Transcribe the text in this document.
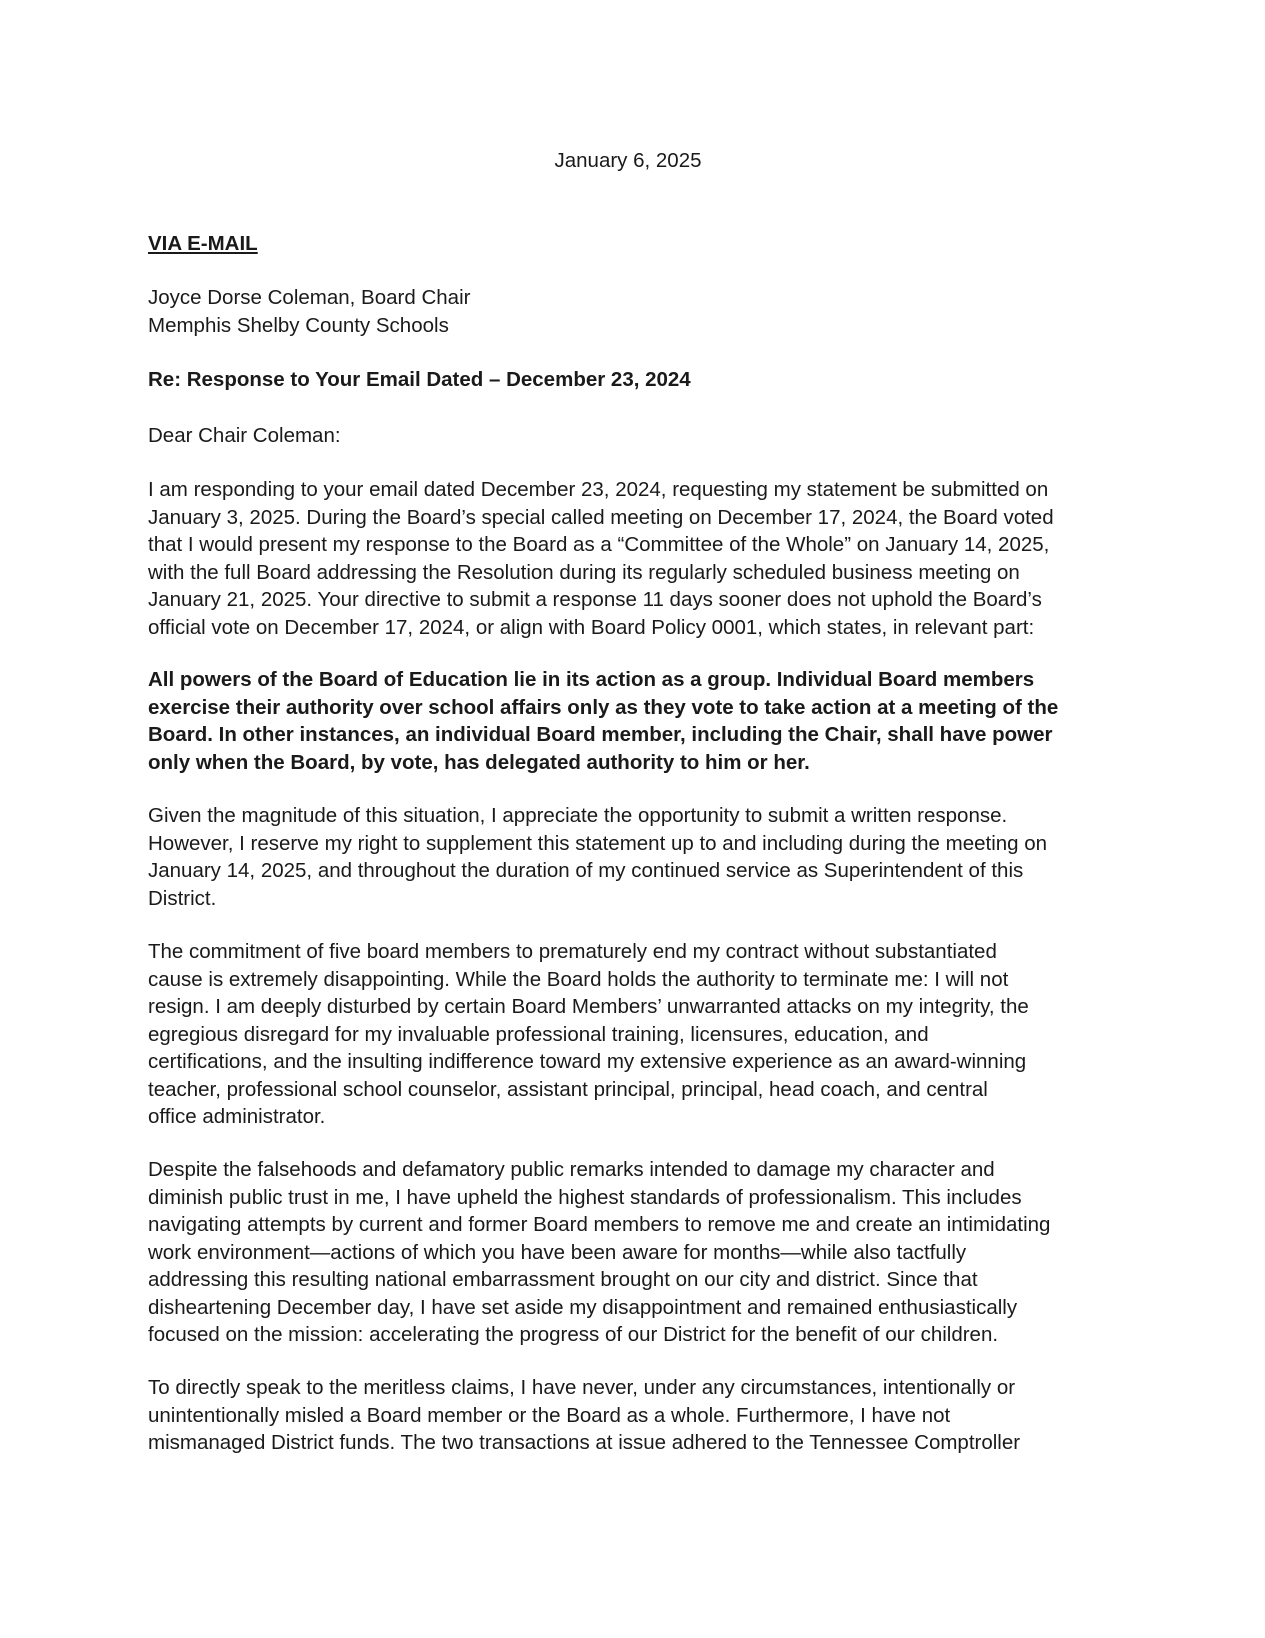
January 6, 2025
VIA E-MAIL
Joyce Dorse Coleman, Board Chair
Memphis Shelby County Schools
Re: Response to Your Email Dated – December 23, 2024
Dear Chair Coleman:
I am responding to your email dated December 23, 2024, requesting my statement be submitted on
January 3, 2025. During the Board’s special called meeting on December 17, 2024, the Board voted
that I would present my response to the Board as a “Committee of the Whole” on January 14, 2025,
with the full Board addressing the Resolution during its regularly scheduled business meeting on
January 21, 2025. Your directive to submit a response 11 days sooner does not uphold the Board’s
official vote on December 17, 2024, or align with Board Policy 0001, which states, in relevant part:
All powers of the Board of Education lie in its action as a group. Individual Board members
exercise their authority over school affairs only as they vote to take action at a meeting of the
Board. In other instances, an individual Board member, including the Chair, shall have power
only when the Board, by vote, has delegated authority to him or her.
Given the magnitude of this situation, I appreciate the opportunity to submit a written response.
However, I reserve my right to supplement this statement up to and including during the meeting on
January 14, 2025, and throughout the duration of my continued service as Superintendent of this
District.
The commitment of five board members to prematurely end my contract without substantiated
cause is extremely disappointing. While the Board holds the authority to terminate me: I will not
resign. I am deeply disturbed by certain Board Members’ unwarranted attacks on my integrity, the
egregious disregard for my invaluable professional training, licensures, education, and
certifications, and the insulting indifference toward my extensive experience as an award-winning
teacher, professional school counselor, assistant principal, principal, head coach, and central
office administrator.
Despite the falsehoods and defamatory public remarks intended to damage my character and
diminish public trust in me, I have upheld the highest standards of professionalism. This includes
navigating attempts by current and former Board members to remove me and create an intimidating
work environment—actions of which you have been aware for months—while also tactfully
addressing this resulting national embarrassment brought on our city and district. Since that
disheartening December day, I have set aside my disappointment and remained enthusiastically
focused on the mission: accelerating the progress of our District for the benefit of our children.
To directly speak to the meritless claims, I have never, under any circumstances, intentionally or
unintentionally misled a Board member or the Board as a whole. Furthermore, I have not
mismanaged District funds. The two transactions at issue adhered to the Tennessee Comptroller
